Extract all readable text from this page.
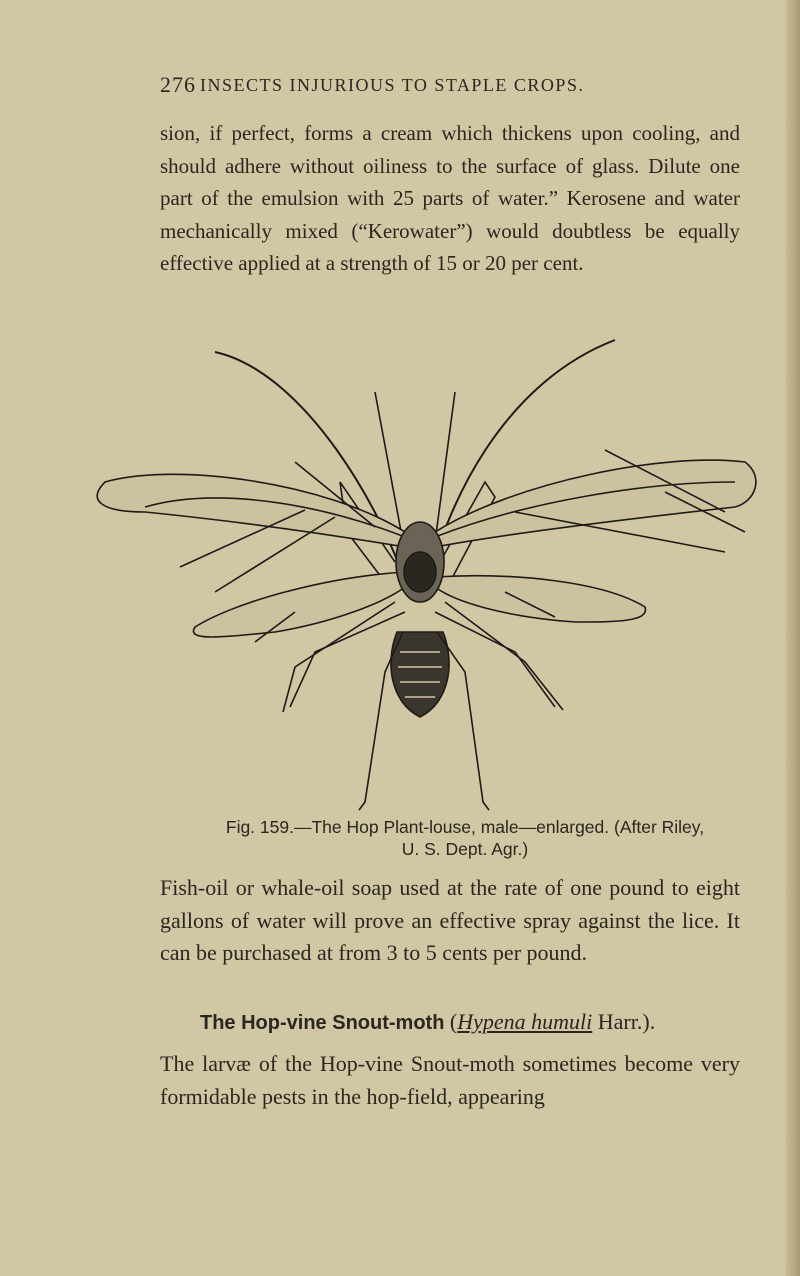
276 INSECTS INJURIOUS TO STAPLE CROPS.
sion, if perfect, forms a cream which thickens upon cooling, and should adhere without oiliness to the surface of glass. Dilute one part of the emulsion with 25 parts of water.” Kerosene and water mechanically mixed (“Kerowater”) would doubtless be equally effective applied at a strength of 15 or 20 per cent.
Fig. 159.—The Hop Plant-louse, male—enlarged. (After Riley,
U. S. Dept. Agr.)
Fish-oil or whale-oil soap used at the rate of one pound to eight gallons of water will prove an effective spray against the lice. It can be purchased at from 3 to 5 cents per pound.
The Hop-vine Snout-moth (Hypena humuli Harr.).
The larvæ of the Hop-vine Snout-moth sometimes become very formidable pests in the hop-field, appearing
